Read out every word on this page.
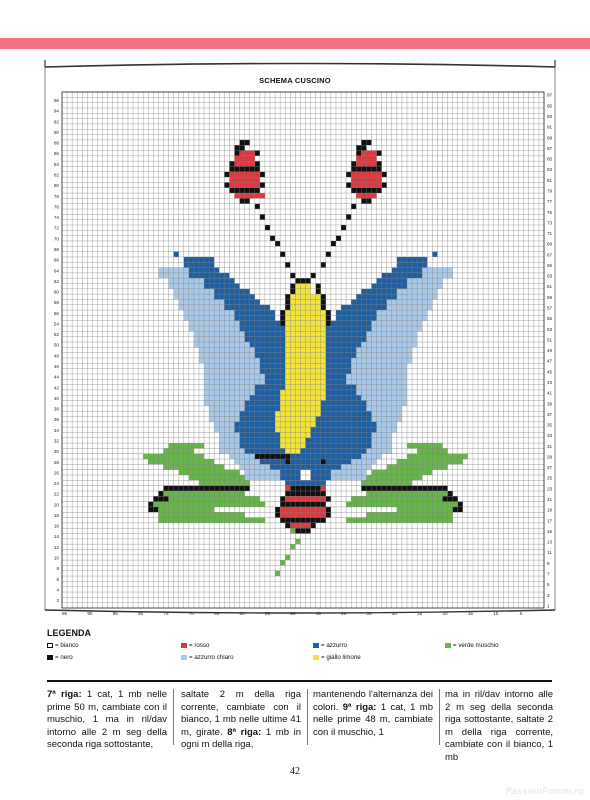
SCHEMA CUSCINO
96
94
92
90
88
86
84
82
80
78
76
74
72
70
68
66
64
62
60
58
56
54
52
50
48
46
44
42
40
38
36
34
32
30
28
26
24
22
20
18
16
14
12
10
8
6
4
2
97
95
93
91
89
87
85
83
81
79
77
75
73
71
69
67
65
63
61
59
57
55
53
51
49
47
45
43
41
39
37
35
33
31
29
27
25
23
21
19
17
15
13
11
9
7
5
3
1
95	90	85	80	75	70	65	60	55	50	45	40	35	30	25	20	15	10	5
LEGENDA
= bianco	= rosso	= azzurro	= verde muschio
= nero	= azzurro chiaro	= giallo limone
7ª riga: 1 cat, 1 mb nelle prime 50 m, cambiate con il muschio, 1 ma in ril/dav intorno alle 2 m seg della seconda riga sottostante,
saltate 2 m della riga corrente, cambiate con il bianco, 1 mb nelle ultime 41 m, girate. 8ª riga: 1 mb in ogni m della riga,
mantenendo l'alternanza dei colori. 9ª riga: 1 cat, 1 mb nelle prime 48 m, cambiate con il muschio, 1
ma in ril/dav intorno alle 2 m seg della seconda riga sottostante, saltate 2 m della riga corrente, cambiate con il bianco, 1 mb
42
PassionForum.ru
